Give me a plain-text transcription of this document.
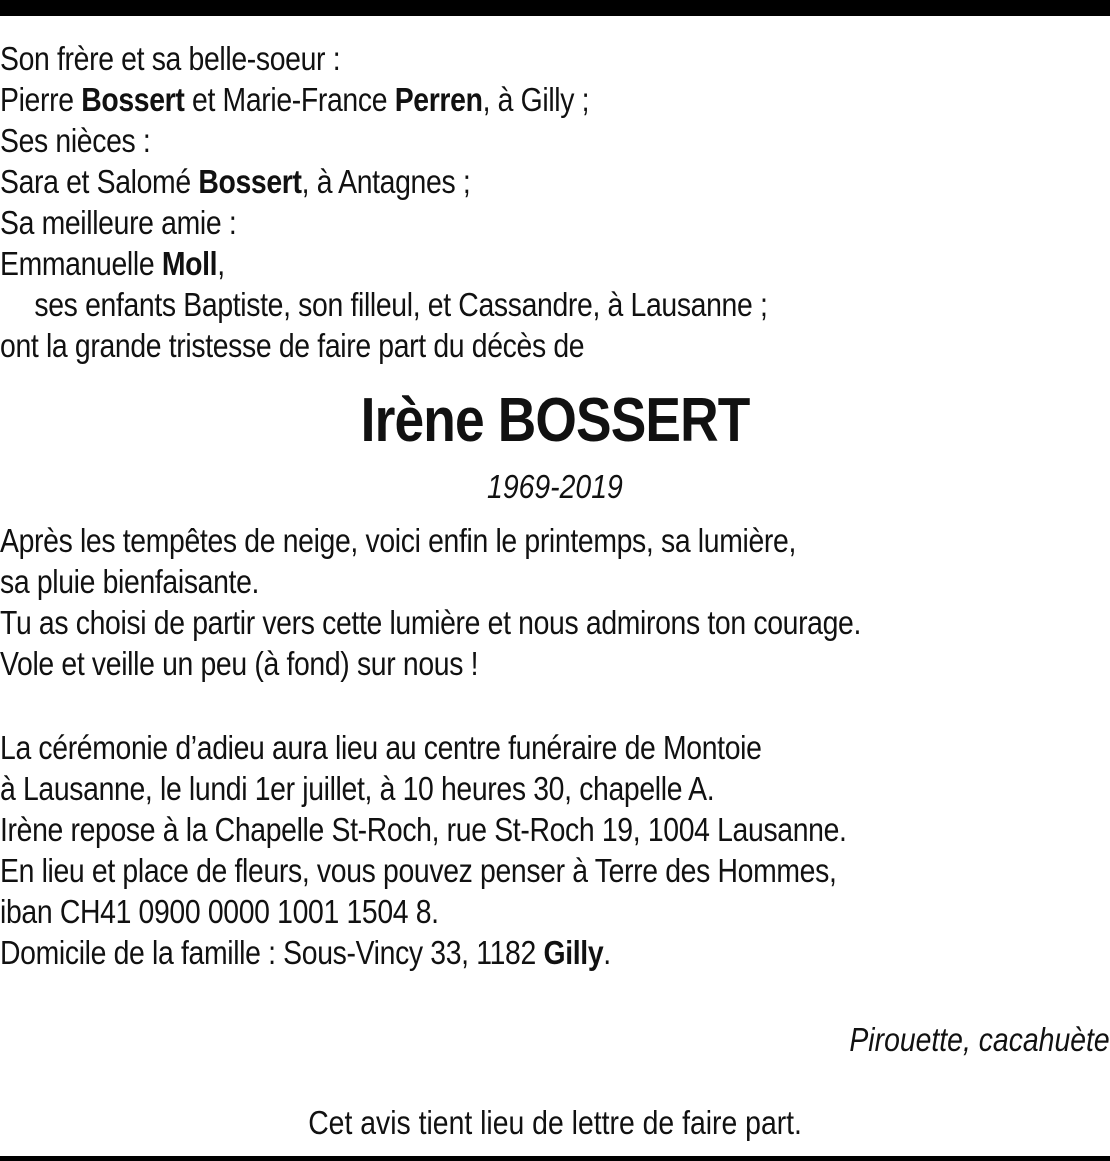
Son frère et sa belle-soeur :
Pierre Bossert et Marie-France Perren, à Gilly ;
Ses nièces :
Sara et Salomé Bossert, à Antagnes ;
Sa meilleure amie :
Emmanuelle Moll,
ses enfants Baptiste, son filleul, et Cassandre, à Lausanne ;
ont la grande tristesse de faire part du décès de
Irène BOSSERT
1969-2019
Après les tempêtes de neige, voici enfin le printemps, sa lumière,
sa pluie bienfaisante.
Tu as choisi de partir vers cette lumière et nous admirons ton courage.
Vole et veille un peu (à fond) sur nous !
La cérémonie d’adieu aura lieu au centre funéraire de Montoie
à Lausanne, le lundi 1er juillet, à 10 heures 30, chapelle A.
Irène repose à la Chapelle St-Roch, rue St-Roch 19, 1004 Lausanne.
En lieu et place de fleurs, vous pouvez penser à Terre des Hommes,
iban CH41 0900 0000 1001 1504 8.
Domicile de la famille : Sous-Vincy 33, 1182 Gilly.
Pirouette, cacahuète
Cet avis tient lieu de lettre de faire part.
